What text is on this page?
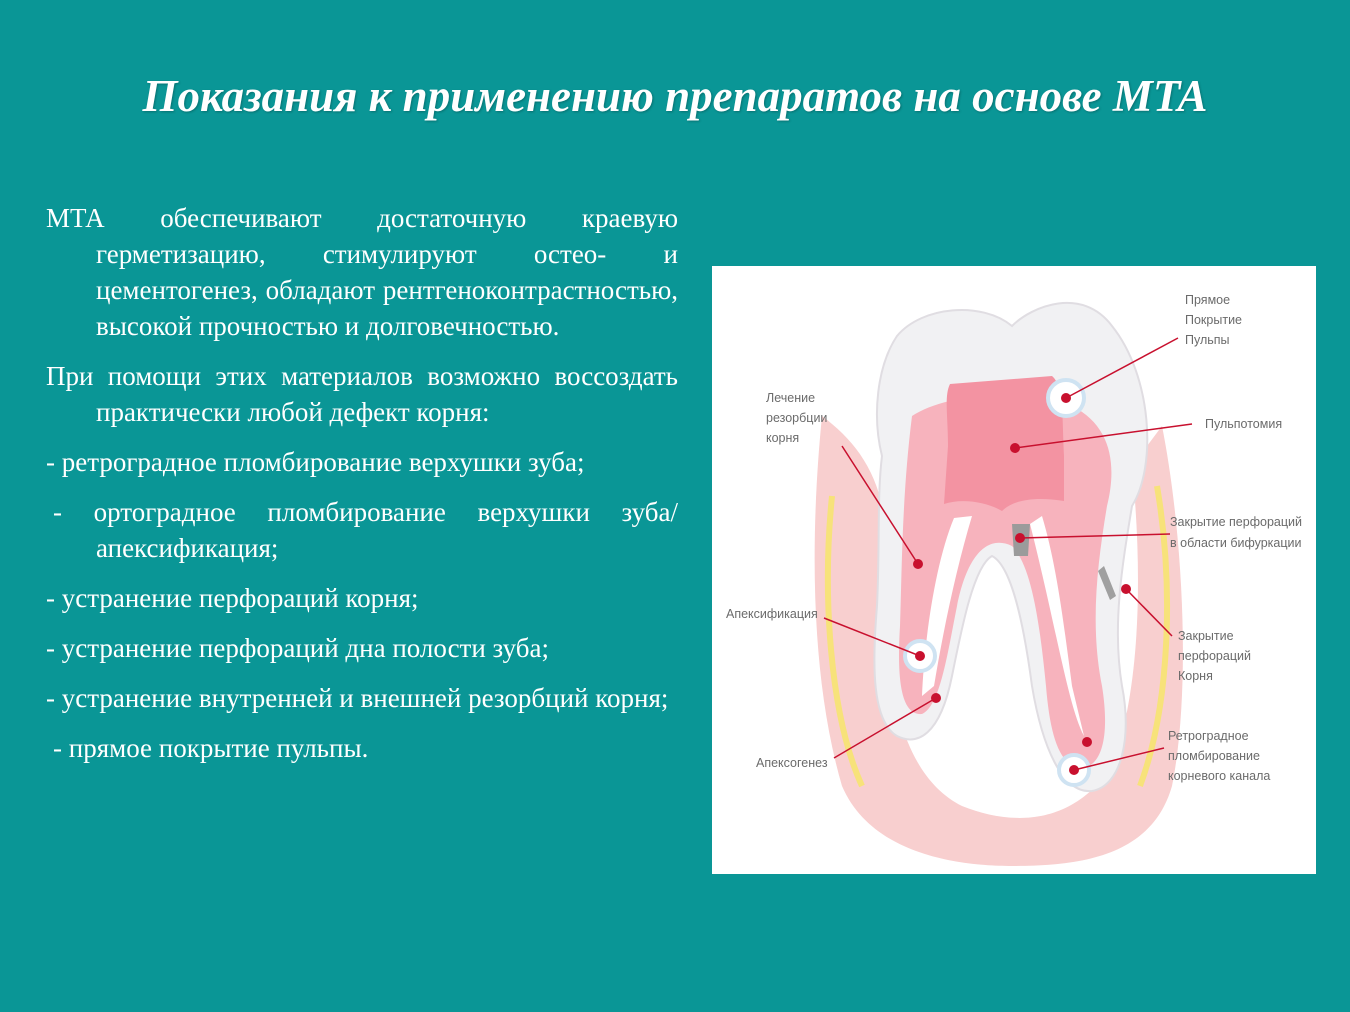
Показания к применению препаратов на основе МТА

МТА обеспечивают достаточную краевую герметизацию, стимулируют остео- и цементогенез, обладают рентгеноконтрастностью, высокой прочностью и долговечностью.

При помощи этих материалов возможно воссоздать практически любой дефект корня:

- ретроградное пломбирование верхушки зуба;

- ортоградное пломбирование верхушки зуба/ апексификация;

- устранение перфораций корня;

- устранение перфораций дна полости зуба;

- устранение внутренней и внешней резорбций корня;

- прямое покрытие пульпы.

Прямое Покрытие Пульпы
Пульпотомия
Лечение резорбции корня
Закрытие перфораций в области бифуркации
Апексификация
Закрытие перфораций Корня
Апексогенез
Ретроградное пломбирование корневого канала
